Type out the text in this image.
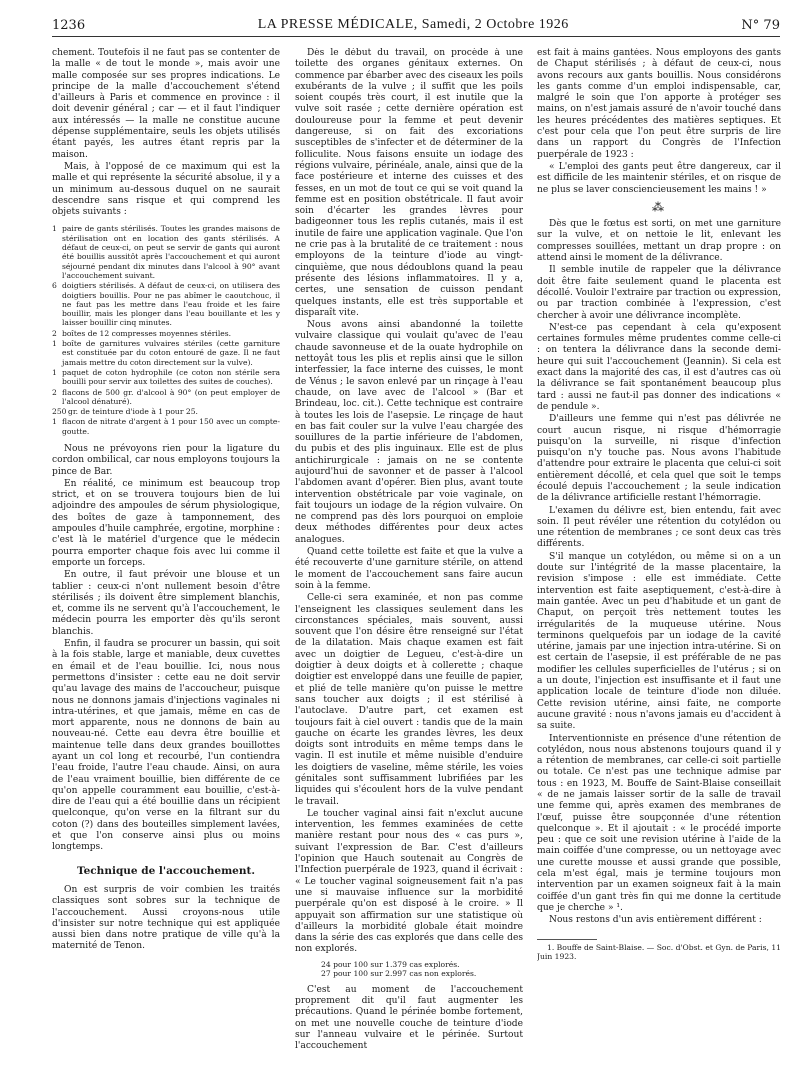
1236	LA PRESSE MÉDICALE, Samedi, 2 Octobre 1926	N° 79

chement. Toutefois il ne faut pas se contenter de la malle « de tout le monde », mais avoir une malle composée sur ses propres indications. Le principe de la malle d'accouchement s'étend d'ailleurs à Paris et commence en province : il doit devenir général ; car — et il faut l'indiquer aux intéressés — la malle ne constitue aucune dépense supplémentaire, seuls les objets utilisés étant payés, les autres étant repris par la maison.

Mais, à l'opposé de ce maximum qui est la malle et qui représente la sécurité absolue, il y a un minimum au-dessous duquel on ne saurait descendre sans risque et qui comprend les objets suivants :

1 paire de gants stérilisés. Toutes les grandes maisons de stérilisation ont en location des gants stérilisés. A défaut de ceux-ci, on peut se servir de gants qui auront été bouillis aussitôt après l'accouchement et qui auront séjourné pendant dix minutes dans l'alcool à 90° avant l'accouchement suivant.

6 doigtiers stérilisés. A défaut de ceux-ci, on utilisera des doigtiers bouillis. Pour ne pas abîmer le caoutchouc, il ne faut pas les mettre dans l'eau froide et les faire bouillir, mais les plonger dans l'eau bouillante et les y laisser bouillir cinq minutes.

2 boîtes de 12 compresses moyennes stériles.

1 boîte de garnitures vulvaires stériles (cette garniture est constituée par du coton entouré de gaze. Il ne faut jamais mettre du coton directement sur la vulve).

1 paquet de coton hydrophile (ce coton non stérile sera bouilli pour servir aux toilettes des suites de couches).

2 flacons de 500 gr. d'alcool à 90° (on peut employer de l'alcool dénaturé).

250 gr. de teinture d'iode à 1 pour 25.

1 flacon de nitrate d'argent à 1 pour 150 avec un compte-goutte.

Nous ne prévoyons rien pour la ligature du cordon ombilical, car nous employons toujours la pince de Bar.

En réalité, ce minimum est beaucoup trop strict, et on se trouvera toujours bien de lui adjoindre des ampoules de sérum physiologique, des boîtes de gaze à tamponnement, des ampoules d'huile camphrée, ergotine, morphine : c'est là le matériel d'urgence que le médecin pourra emporter chaque fois avec lui comme il emporte un forceps.

En outre, il faut prévoir une blouse et un tablier : ceux-ci n'ont nullement besoin d'être stérilisés ; ils doivent être simplement blanchis, et, comme ils ne servent qu'à l'accouchement, le médecin pourra les emporter dès qu'ils seront blanchis.

Enfin, il faudra se procurer un bassin, qui soit à la fois stable, large et maniable, deux cuvettes en émail et de l'eau bouillie. Ici, nous nous permettons d'insister : cette eau ne doit servir qu'au lavage des mains de l'accoucheur, puisque nous ne donnons jamais d'injections vaginales ni intra-utérines, et que jamais, même en cas de mort apparente, nous ne donnons de bain au nouveau-né. Cette eau devra être bouillie et maintenue telle dans deux grandes bouillottes ayant un col long et recourbé, l'un contiendra l'eau froide, l'autre l'eau chaude. Ainsi, on aura de l'eau vraiment bouillie, bien différente de ce qu'on appelle couramment eau bouillie, c'est-à-dire de l'eau qui a été bouillie dans un récipient quelconque, qu'on verse en la filtrant sur du coton (?) dans des bouteilles simplement lavées, et que l'on conserve ainsi plus ou moins longtemps.

Technique de l'accouchement.

On est surpris de voir combien les traités classiques sont sobres sur la technique de l'accouchement. Aussi croyons-nous utile d'insister sur notre technique qui est appliquée aussi bien dans notre pratique de ville qu'à la maternité de Tenon.

Dès le début du travail, on procède à une toilette des organes génitaux externes. On commence par ébarber avec des ciseaux les poils exubérants de la vulve ; il suffit que les poils soient coupés très court, il est inutile que la vulve soit rasée ; cette dernière opération est douloureuse pour la femme et peut devenir dangereuse, si on fait des excoriations susceptibles de s'infecter et de déterminer de la folliculite. Nous faisons ensuite un iodage des régions vulvaire, périnéale, anale, ainsi que de la face postérieure et interne des cuisses et des fesses, en un mot de tout ce qui se voit quand la femme est en position obstétricale. Il faut avoir soin d'écarter les grandes lèvres pour badigeonner tous les replis cutanés, mais il est inutile de faire une application vaginale. Que l'on ne crie pas à la brutalité de ce traitement : nous employons de la teinture d'iode au vingt-cinquième, que nous dédoublons quand la peau présente des lésions inflammatoires. Il y a, certes, une sensation de cuisson pendant quelques instants, elle est très supportable et disparaît vite.

Nous avons ainsi abandonné la toilette vulvaire classique qui voulait qu'avec de l'eau chaude savonneuse et de la ouate hydrophile on nettoyât tous les plis et replis ainsi que le sillon interfessier, la face interne des cuisses, le mont de Vénus ; le savon enlevé par un rinçage à l'eau chaude, on lave avec de l'alcool » (Bar et Brindeau, loc. cit.). Cette technique est contraire à toutes les lois de l'asepsie. Le rinçage de haut en bas fait couler sur la vulve l'eau chargée des souillures de la partie inférieure de l'abdomen, du pubis et des plis inguinaux. Elle est de plus antichirurgicale : jamais on ne se contente aujourd'hui de savonner et de passer à l'alcool l'abdomen avant d'opérer. Bien plus, avant toute intervention obstétricale par voie vaginale, on fait toujours un iodage de la région vulvaire. On ne comprend pas dès lors pourquoi on emploie deux méthodes différentes pour deux actes analogues.

Quand cette toilette est faite et que la vulve a été recouverte d'une garniture stérile, on attend le moment de l'accouchement sans faire aucun soin à la femme.

Celle-ci sera examinée, et non pas comme l'enseignent les classiques seulement dans les circonstances spéciales, mais souvent, aussi souvent que l'on désire être renseigné sur l'état de la dilatation. Mais chaque examen est fait avec un doigtier de Legueu, c'est-à-dire un doigtier à deux doigts et à collerette ; chaque doigtier est enveloppé dans une feuille de papier, et plié de telle manière qu'on puisse le mettre sans toucher aux doigts ; il est stérilisé à l'autoclave. D'autre part, cet examen est toujours fait à ciel ouvert : tandis que de la main gauche on écarte les grandes lèvres, les deux doigts sont introduits en même temps dans le vagin. Il est inutile et même nuisible d'enduire les doigtiers de vaseline, même stérile, les voies génitales sont suffisamment lubrifiées par les liquides qui s'écoulent hors de la vulve pendant le travail.

Le toucher vaginal ainsi fait n'exclut aucune intervention, les femmes examinées de cette manière restant pour nous des « cas purs », suivant l'expression de Bar. C'est d'ailleurs l'opinion que Hauch soutenait au Congrès de l'Infection puerpérale de 1923, quand il écrivait : « Le toucher vaginal soigneusement fait n'a pas une si mauvaise influence sur la morbidité puerpérale qu'on est disposé à le croire. » Il appuyait son affirmation sur une statistique où d'ailleurs la morbidité globale était moindre dans la série des cas explorés que dans celle des non explorés.

24 pour 100 sur 1.379 cas explorés.
27 pour 100 sur 2.997 cas non explorés.

C'est au moment de l'accouchement proprement dit qu'il faut augmenter les précautions. Quand le périnée bombe fortement, on met une nouvelle couche de teinture d'iode sur l'anneau vulvaire et le périnée. Surtout l'accouchement

est fait à mains gantées. Nous employons des gants de Chaput stérilisés ; à défaut de ceux-ci, nous avons recours aux gants bouillis. Nous considérons les gants comme d'un emploi indispensable, car, malgré le soin que l'on apporte à protéger ses mains, on n'est jamais assuré de n'avoir touché dans les heures précédentes des matières septiques. Et c'est pour cela que l'on peut être surpris de lire dans un rapport du Congrès de l'Infection puerpérale de 1923 :

« L'emploi des gants peut être dangereux, car il est difficile de les maintenir stériles, et on risque de ne plus se laver consciencieusement les mains ! »

⁂

Dès que le fœtus est sorti, on met une garniture sur la vulve, et on nettoie le lit, enlevant les compresses souillées, mettant un drap propre : on attend ainsi le moment de la délivrance.

Il semble inutile de rappeler que la délivrance doit être faite seulement quand le placenta est décollé. Vouloir l'extraire par traction ou expression, ou par traction combinée à l'expression, c'est chercher à avoir une délivrance incomplète.

N'est-ce pas cependant à cela qu'exposent certaines formules même prudentes comme celle-ci : on tentera la délivrance dans la seconde demi-heure qui suit l'accouchement (Jeannin). Si cela est exact dans la majorité des cas, il est d'autres cas où la délivrance se fait spontanément beaucoup plus tard : aussi ne faut-il pas donner des indications « de pendule ».

D'ailleurs une femme qui n'est pas délivrée ne court aucun risque, ni risque d'hémorragie puisqu'on la surveille, ni risque d'infection puisqu'on n'y touche pas. Nous avons l'habitude d'attendre pour extraire le placenta que celui-ci soit entièrement décollé, et cela quel que soit le temps écoulé depuis l'accouchement ; la seule indication de la délivrance artificielle restant l'hémorragie.

L'examen du délivre est, bien entendu, fait avec soin. Il peut révéler une rétention du cotylédon ou une rétention de membranes ; ce sont deux cas très différents.

S'il manque un cotylédon, ou même si on a un doute sur l'intégrité de la masse placentaire, la revision s'impose : elle est immédiate. Cette intervention est faite aseptiquement, c'est-à-dire à main gantée. Avec un peu d'habitude et un gant de Chaput, on perçoit très nettement toutes les irrégularités de la muqueuse utérine. Nous terminons quelquefois par un iodage de la cavité utérine, jamais par une injection intra-utérine. Si on est certain de l'asepsie, il est préférable de ne pas modifier les cellules superficielles de l'utérus ; si on a un doute, l'injection est insuffisante et il faut une application locale de teinture d'iode non diluée. Cette revision utérine, ainsi faite, ne comporte aucune gravité : nous n'avons jamais eu d'accident à sa suite.

Interventionniste en présence d'une rétention de cotylédon, nous nous abstenons toujours quand il y a rétention de membranes, car celle-ci soit partielle ou totale. Ce n'est pas une technique admise par tous : en 1923, M. Bouffe de Saint-Blaise conseillait « de ne jamais laisser sortir de la salle de travail une femme qui, après examen des membranes de l'œuf, puisse être soupçonnée d'une rétention quelconque ». Et il ajoutait : « le procédé importe peu : que ce soit une revision utérine à l'aide de la main coiffée d'une compresse, ou un nettoyage avec une curette mousse et aussi grande que possible, cela m'est égal, mais je termine toujours mon intervention par un examen soigneux fait à la main coiffée d'un gant très fin qui me donne la certitude que je cherche » ¹.

Nous restons d'un avis entièrement différent :

1. Bouffe de Saint-Blaise. — Soc. d'Obst. et Gyn. de Paris, 11 Juin 1923.
